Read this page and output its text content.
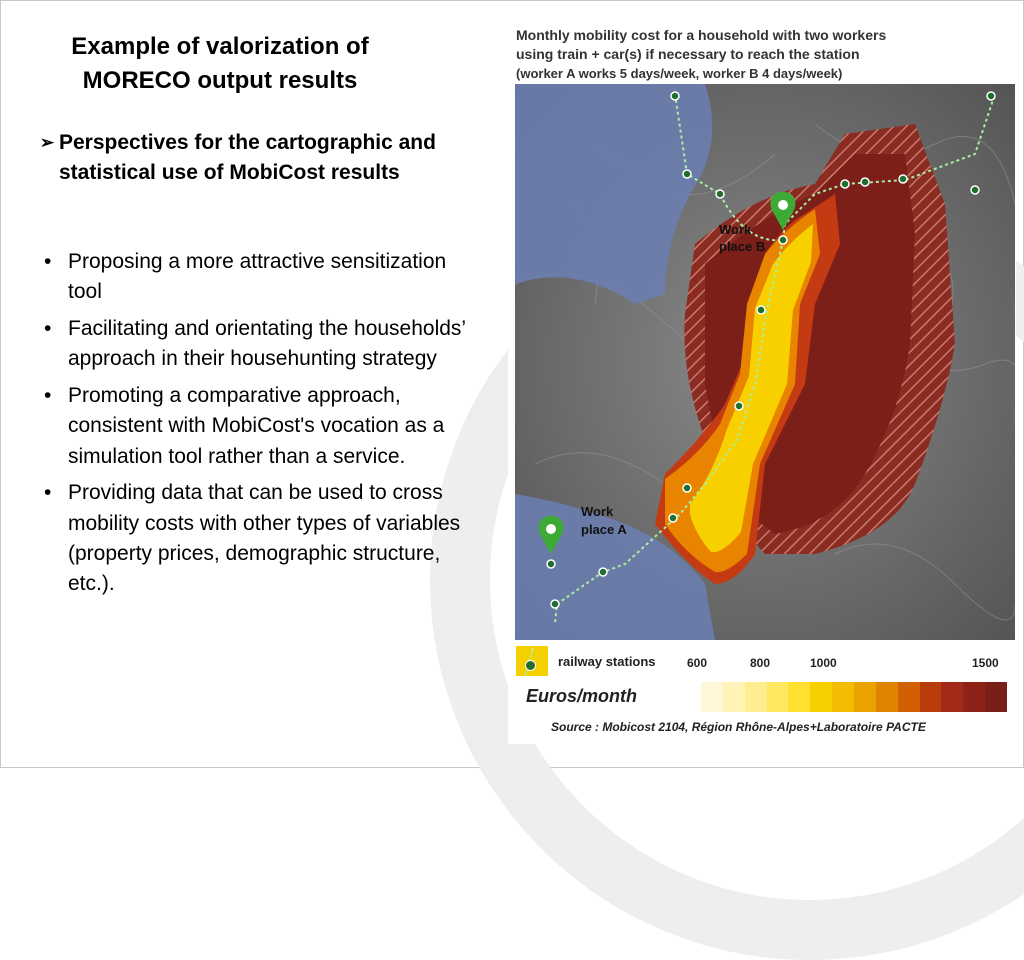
Example of valorization of MORECO output results
➢ Perspectives for the cartographic and statistical use of MobiCost results
• Proposing a more attractive sensitization tool
• Facilitating and orientating the households’ approach in their househunting strategy
• Promoting a comparative approach, consistent with MobiCost's vocation as a simulation tool rather than a service.
• Providing data that can be used to cross mobility costs with other types of variables (property prices, demographic structure, etc.).
Monthly mobility cost for a household with two workers
using train + car(s) if necessary to reach the station
(worker A works 5 days/week, worker B 4 days/week)
Work
place B
Work
place A
railway stations	600	800	1000	1500
Euros/month
Source : Mobicost 2104, Région Rhône-Alpes+Laboratoire PACTE
